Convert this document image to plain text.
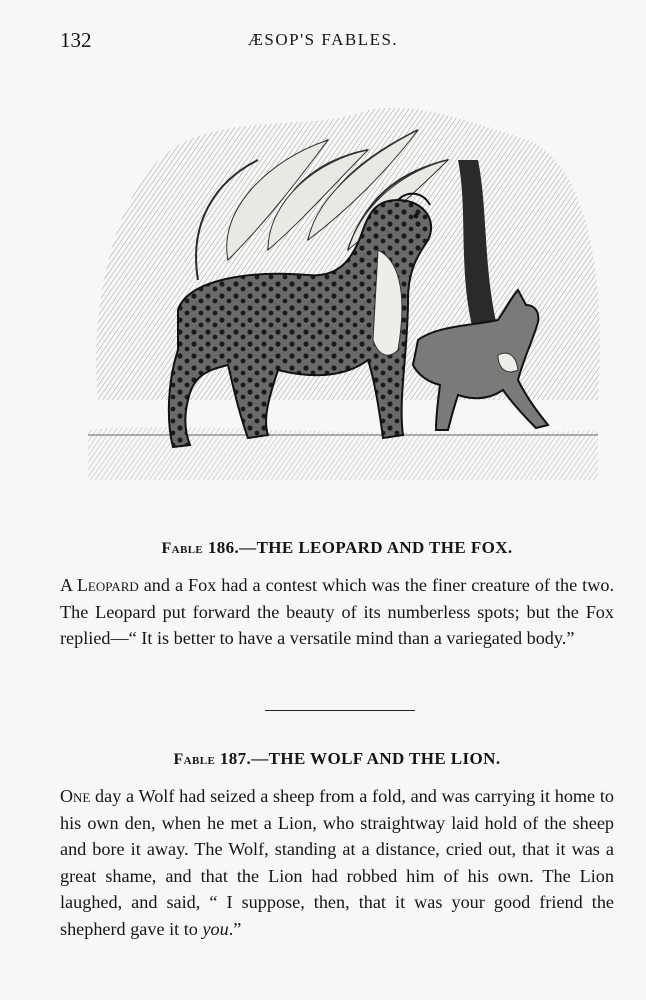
132	ÆSOP'S FABLES.
Fable 186.—THE LEOPARD AND THE FOX.

A Leopard and a Fox had a contest which was the finer creature of the two. The Leopard put forward the beauty of its numberless spots; but the Fox replied—“ It is better to have a versatile mind than a variegated body.”

Fable 187.—THE WOLF AND THE LION.

One day a Wolf had seized a sheep from a fold, and was carrying it home to his own den, when he met a Lion, who straightway laid hold of the sheep and bore it away. The Wolf, standing at a distance, cried out, that it was a great shame, and that the Lion had robbed him of his own. The Lion laughed, and said, “ I suppose, then, that it was your good friend the shepherd gave it to you.”
